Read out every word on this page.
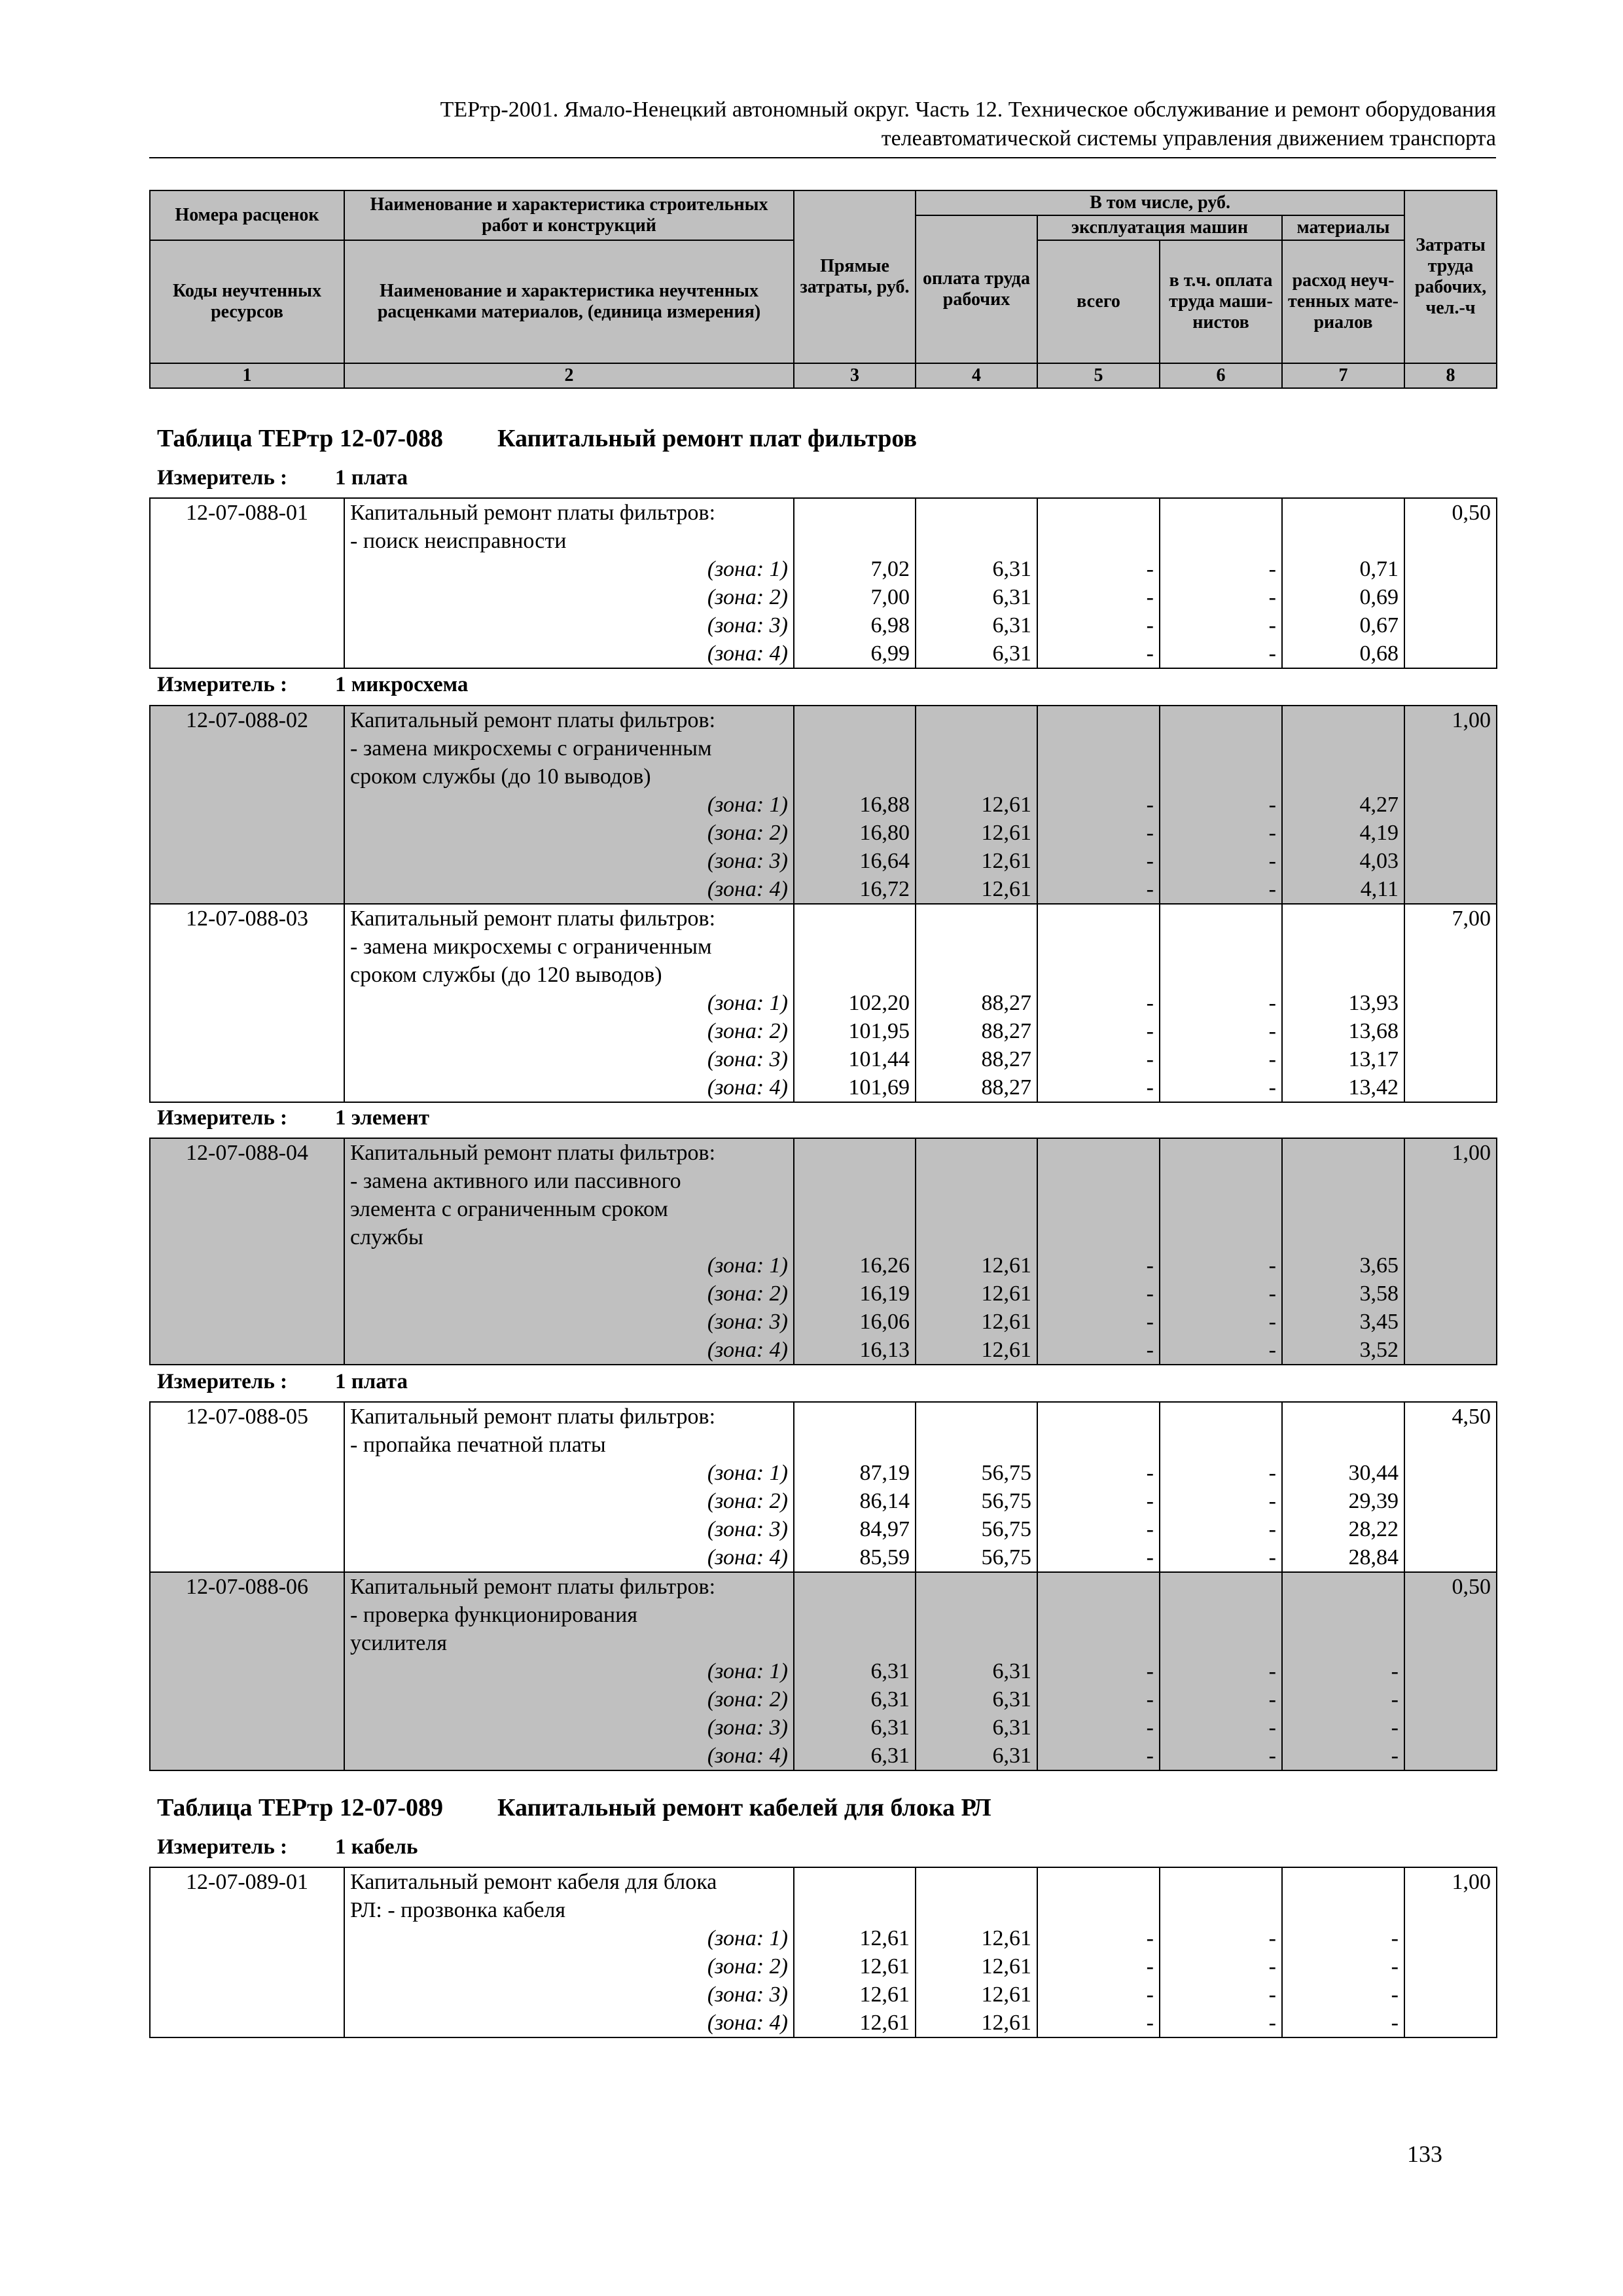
ТЕРтр-2001. Ямало-Ненецкий автономный округ. Часть 12. Техническое обслуживание и ремонт оборудования
телеавтоматической системы управления движением транспорта
Номера расценок	Наименование и характеристика строительных работ и конструкций	Прямые затраты, руб.	В том числе, руб.				Затраты труда рабочих, чел.-ч
			оплата труда рабочих	эксплуатация машин		материалы	
Коды неучтенных ресурсов	Наименование и характеристика неучтенных расценками материалов, (единица измерения)			всего	в т.ч. оплата труда маши-нистов	расход неуч-тенных мате-риалов	
1	2	3	4	5	6	7	8
Таблица ТЕРтр 12-07-088 Капитальный ремонт плат фильтров
Измеритель : 1 плата
12-07-088-01	Капитальный ремонт платы фильтров:						0,50
	- поиск неисправности						
	(зона: 1)	7,02	6,31	-	-	0,71	
	(зона: 2)	7,00	6,31	-	-	0,69	
	(зона: 3)	6,98	6,31	-	-	0,67	
	(зона: 4)	6,99	6,31	-	-	0,68	
Измеритель : 1 микросхема
12-07-088-02	Капитальный ремонт платы фильтров:						1,00
	- замена микросхемы с ограниченным						
	сроком службы (до 10 выводов)						
	(зона: 1)	16,88	12,61	-	-	4,27	
	(зона: 2)	16,80	12,61	-	-	4,19	
	(зона: 3)	16,64	12,61	-	-	4,03	
	(зона: 4)	16,72	12,61	-	-	4,11	
12-07-088-03	Капитальный ремонт платы фильтров:						7,00
	- замена микросхемы с ограниченным						
	сроком службы (до 120 выводов)						
	(зона: 1)	102,20	88,27	-	-	13,93	
	(зона: 2)	101,95	88,27	-	-	13,68	
	(зона: 3)	101,44	88,27	-	-	13,17	
	(зона: 4)	101,69	88,27	-	-	13,42	
Измеритель : 1 элемент
12-07-088-04	Капитальный ремонт платы фильтров:						1,00
	- замена активного или пассивного						
	элемента с ограниченным сроком						
	службы						
	(зона: 1)	16,26	12,61	-	-	3,65	
	(зона: 2)	16,19	12,61	-	-	3,58	
	(зона: 3)	16,06	12,61	-	-	3,45	
	(зона: 4)	16,13	12,61	-	-	3,52	
Измеритель : 1 плата
12-07-088-05	Капитальный ремонт платы фильтров:						4,50
	- пропайка печатной платы						
	(зона: 1)	87,19	56,75	-	-	30,44	
	(зона: 2)	86,14	56,75	-	-	29,39	
	(зона: 3)	84,97	56,75	-	-	28,22	
	(зона: 4)	85,59	56,75	-	-	28,84	
12-07-088-06	Капитальный ремонт платы фильтров:						0,50
	- проверка функционирования						
	усилителя						
	(зона: 1)	6,31	6,31	-	-	-	
	(зона: 2)	6,31	6,31	-	-	-	
	(зона: 3)	6,31	6,31	-	-	-	
	(зона: 4)	6,31	6,31	-	-	-	
Таблица ТЕРтр 12-07-089 Капитальный ремонт кабелей для блока РЛ
Измеритель : 1 кабель
12-07-089-01	Капитальный ремонт кабеля для блока						1,00
	РЛ: - прозвонка кабеля						
	(зона: 1)	12,61	12,61	-	-	-	
	(зона: 2)	12,61	12,61	-	-	-	
	(зона: 3)	12,61	12,61	-	-	-	
	(зона: 4)	12,61	12,61	-	-	-	
133
